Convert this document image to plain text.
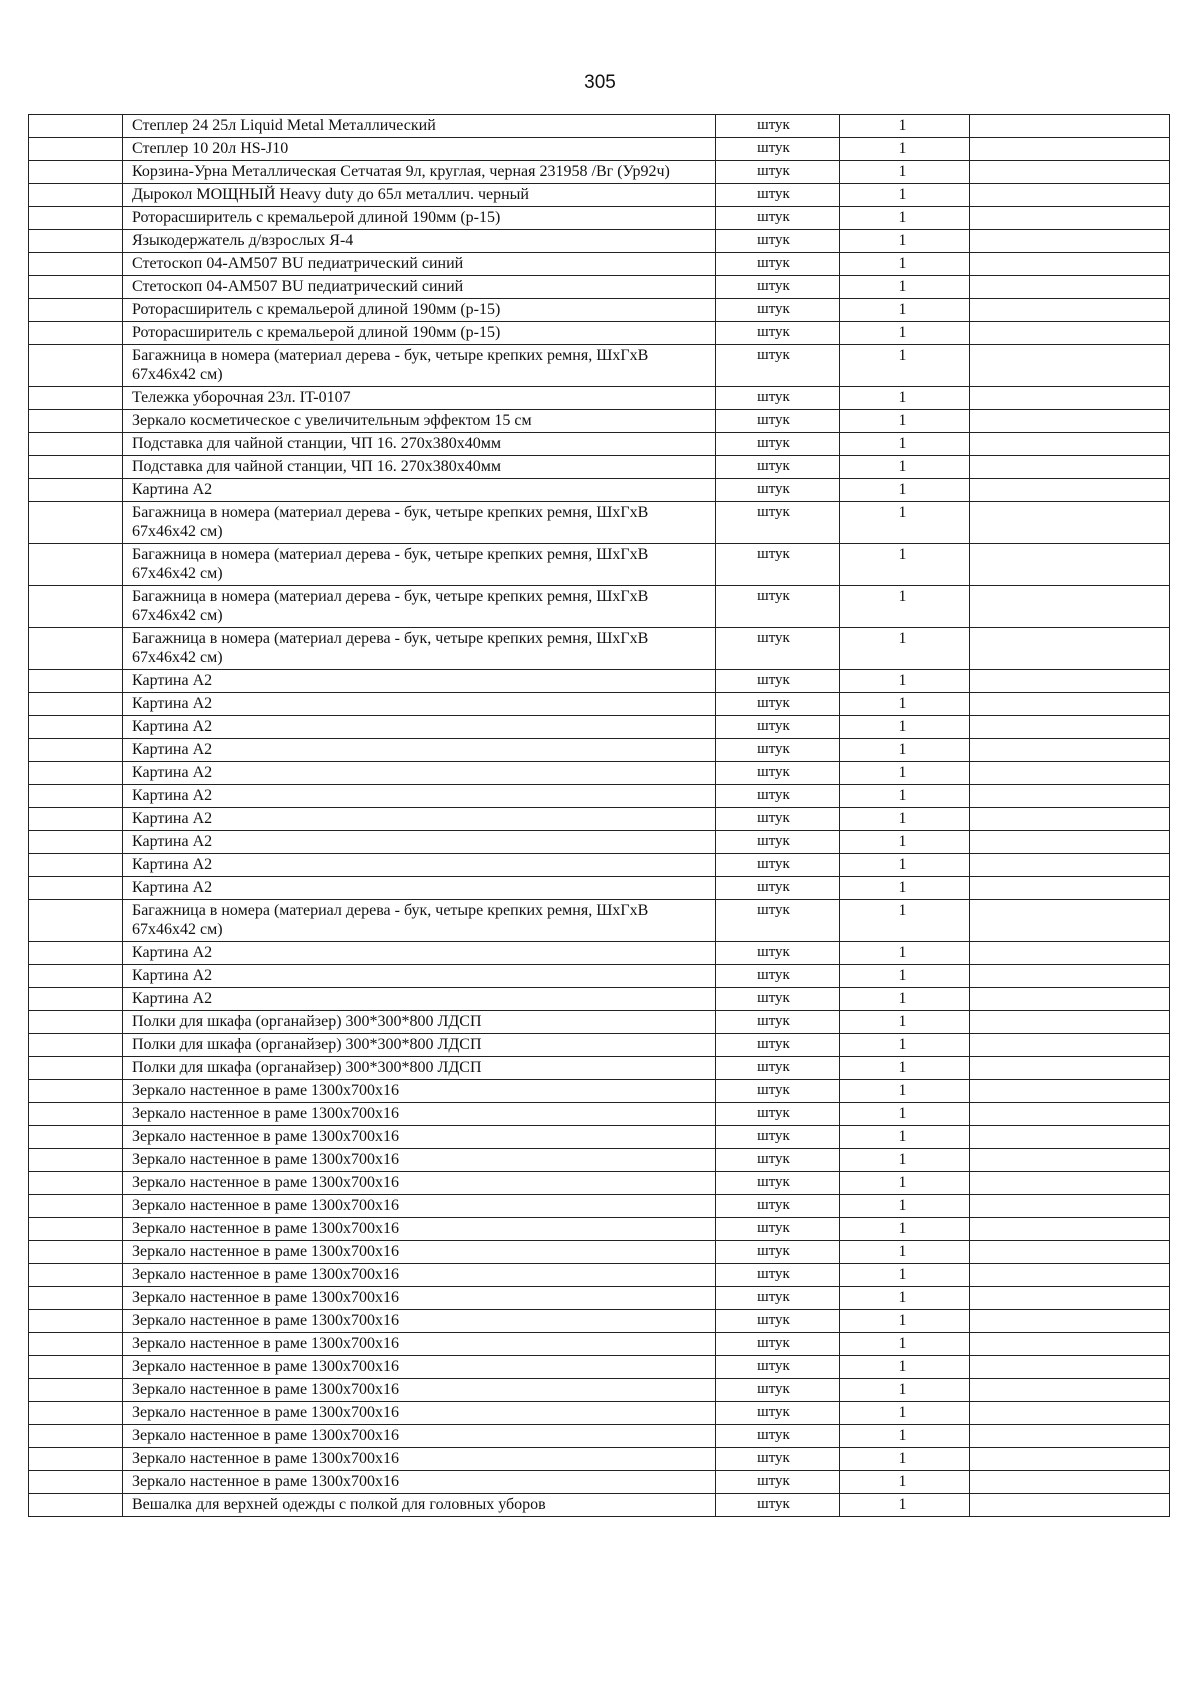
305
	Степлер 24 25л Liquid Metal Металлический	штук	1	
	Степлер 10 20л HS-J10	штук	1	
	Корзина-Урна Металлическая Сетчатая 9л, круглая, черная 231958 /Вг (Ур92ч)	штук	1	
	Дырокол МОЩНЫЙ Heavy duty до 65л металлич. черный	штук	1	
	Роторасширитель с кремальерой длиной 190мм (р-15)	штук	1	
	Языкодержатель д/взрослых Я-4	штук	1	
	Стетоскоп 04-AM507 BU педиатрический синий	штук	1	
	Стетоскоп 04-AM507 BU педиатрический синий	штук	1	
	Роторасширитель с кремальерой длиной 190мм (р-15)	штук	1	
	Роторасширитель с кремальерой длиной 190мм (р-15)	штук	1	
	Багажница в номера (материал дерева - бук, четыре крепких ремня, ШхГхВ 67х46х42 см)	штук	1	
	Тележка уборочная 23л. IT-0107	штук	1	
	Зеркало косметическое с увеличительным эффектом 15 см	штук	1	
	Подставка для чайной станции, ЧП 16. 270х380х40мм	штук	1	
	Подставка для чайной станции, ЧП 16. 270х380х40мм	штук	1	
	Картина А2	штук	1	
	Багажница в номера (материал дерева - бук, четыре крепких ремня, ШхГхВ 67х46х42 см)	штук	1	
	Багажница в номера (материал дерева - бук, четыре крепких ремня, ШхГхВ 67х46х42 см)	штук	1	
	Багажница в номера (материал дерева - бук, четыре крепких ремня, ШхГхВ 67х46х42 см)	штук	1	
	Багажница в номера (материал дерева - бук, четыре крепких ремня, ШхГхВ 67х46х42 см)	штук	1	
	Картина А2	штук	1	
	Картина А2	штук	1	
	Картина А2	штук	1	
	Картина А2	штук	1	
	Картина А2	штук	1	
	Картина А2	штук	1	
	Картина А2	штук	1	
	Картина А2	штук	1	
	Картина А2	штук	1	
	Картина А2	штук	1	
	Багажница в номера (материал дерева - бук, четыре крепких ремня, ШхГхВ 67х46х42 см)	штук	1	
	Картина А2	штук	1	
	Картина А2	штук	1	
	Картина А2	штук	1	
	Полки для шкафа (органайзер) 300*300*800 ЛДСП	штук	1	
	Полки для шкафа (органайзер) 300*300*800 ЛДСП	штук	1	
	Полки для шкафа (органайзер) 300*300*800 ЛДСП	штук	1	
	Зеркало настенное в раме 1300х700х16	штук	1	
	Зеркало настенное в раме 1300х700х16	штук	1	
	Зеркало настенное в раме 1300х700х16	штук	1	
	Зеркало настенное в раме 1300х700х16	штук	1	
	Зеркало настенное в раме 1300х700х16	штук	1	
	Зеркало настенное в раме 1300х700х16	штук	1	
	Зеркало настенное в раме 1300х700х16	штук	1	
	Зеркало настенное в раме 1300х700х16	штук	1	
	Зеркало настенное в раме 1300х700х16	штук	1	
	Зеркало настенное в раме 1300х700х16	штук	1	
	Зеркало настенное в раме 1300х700х16	штук	1	
	Зеркало настенное в раме 1300х700х16	штук	1	
	Зеркало настенное в раме 1300х700х16	штук	1	
	Зеркало настенное в раме 1300х700х16	штук	1	
	Зеркало настенное в раме 1300х700х16	штук	1	
	Зеркало настенное в раме 1300х700х16	штук	1	
	Зеркало настенное в раме 1300х700х16	штук	1	
	Зеркало настенное в раме 1300х700х16	штук	1	
	Вешалка для верхней одежды с полкой для головных уборов	штук	1	
